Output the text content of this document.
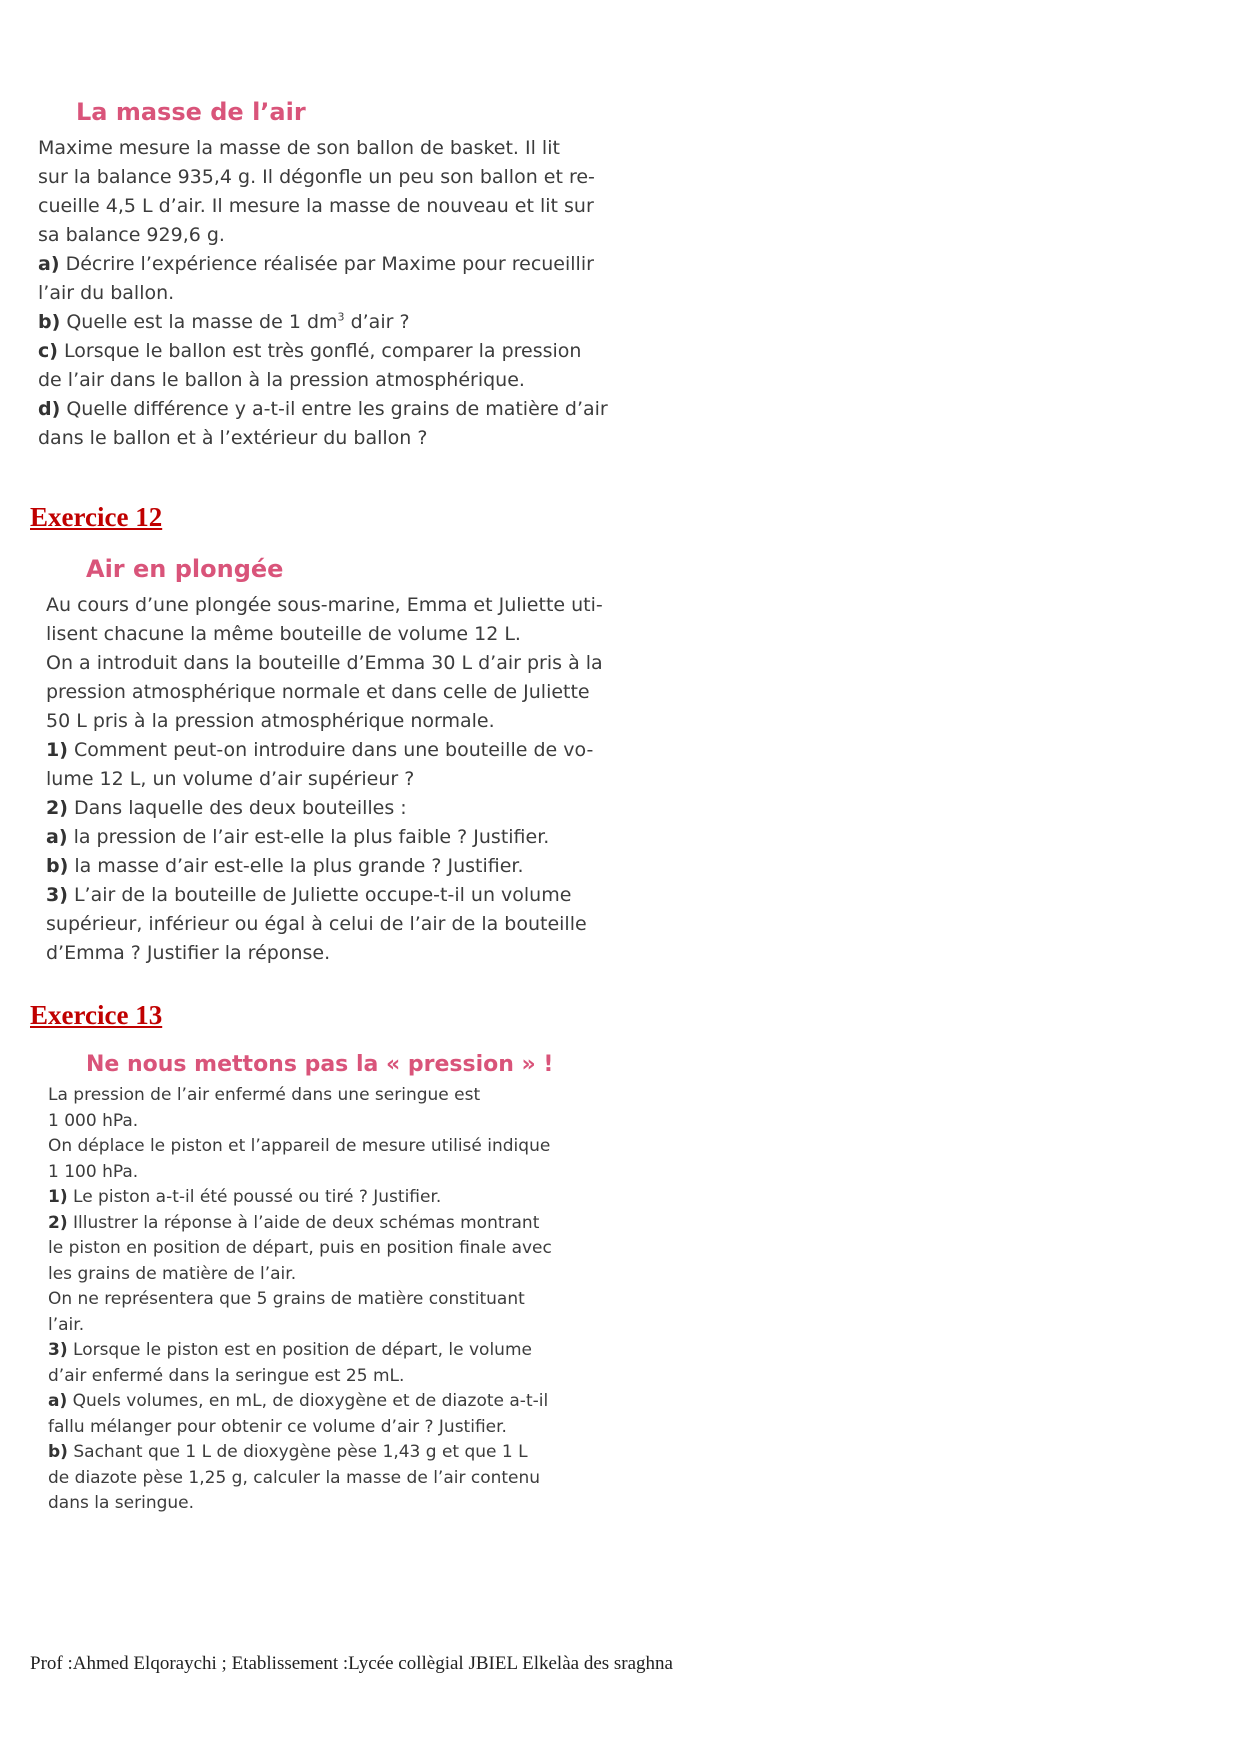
La masse de l’air

Maxime mesure la masse de son ballon de basket. Il lit

sur la balance 935,4 g. Il dégonfle un peu son ballon et re-

cueille 4,5 L d’air. Il mesure la masse de nouveau et lit sur

sa balance 929,6 g.

a) Décrire l’expérience réalisée par Maxime pour recueillir

l’air du ballon.

b) Quelle est la masse de 1 $dm^3$ d’air ?

c) Lorsque le ballon est très gonflé, comparer la pression

de l’air dans le ballon à la pression atmosphérique.

d) Quelle différence y a-t-il entre les grains de matière d’air

dans le ballon et à l’extérieur du ballon ?

Exercice 12
Air en plongée

Au cours d’une plongée sous-marine, Emma et Juliette uti-

lisent chacune la même bouteille de volume 12 L.

On a introduit dans la bouteille d’Emma 30 L d’air pris à la

pression atmosphérique normale et dans celle de Juliette

50 L pris à la pression atmosphérique normale.

1) Comment peut-on introduire dans une bouteille de vo-

lume 12 L, un volume d’air supérieur ?

2) Dans laquelle des deux bouteilles :

a) la pression de l’air est-elle la plus faible ? Justifier.

b) la masse d’air est-elle la plus grande ? Justifier.

3) L’air de la bouteille de Juliette occupe-t-il un volume

supérieur, inférieur ou égal à celui de l’air de la bouteille

d’Emma ? Justifier la réponse.

Exercice 13
Ne nous mettons pas la « pression » !

La pression de l’air enfermé dans une seringue est

1 000 hPa.

On déplace le piston et l’appareil de mesure utilisé indique

1 100 hPa.

1) Le piston a-t-il été poussé ou tiré ? Justifier.

2) Illustrer la réponse à l’aide de deux schémas montrant

le piston en position de départ, puis en position finale avec

les grains de matière de l’air.

On ne représentera que 5 grains de matière constituant

l’air.

3) Lorsque le piston est en position de départ, le volume

d’air enfermé dans la seringue est 25 mL.

a) Quels volumes, en mL, de dioxygène et de diazote a-t-il

fallu mélanger pour obtenir ce volume d’air ? Justifier.

b) Sachant que 1 L de dioxygène pèse 1,43 g et que 1 L

de diazote pèse 1,25 g, calculer la masse de l’air contenu

dans la seringue.

Prof :Ahmed Elqoraychi ; Etablissement :Lycée collègial JBIEL Elkelàa des sraghna
